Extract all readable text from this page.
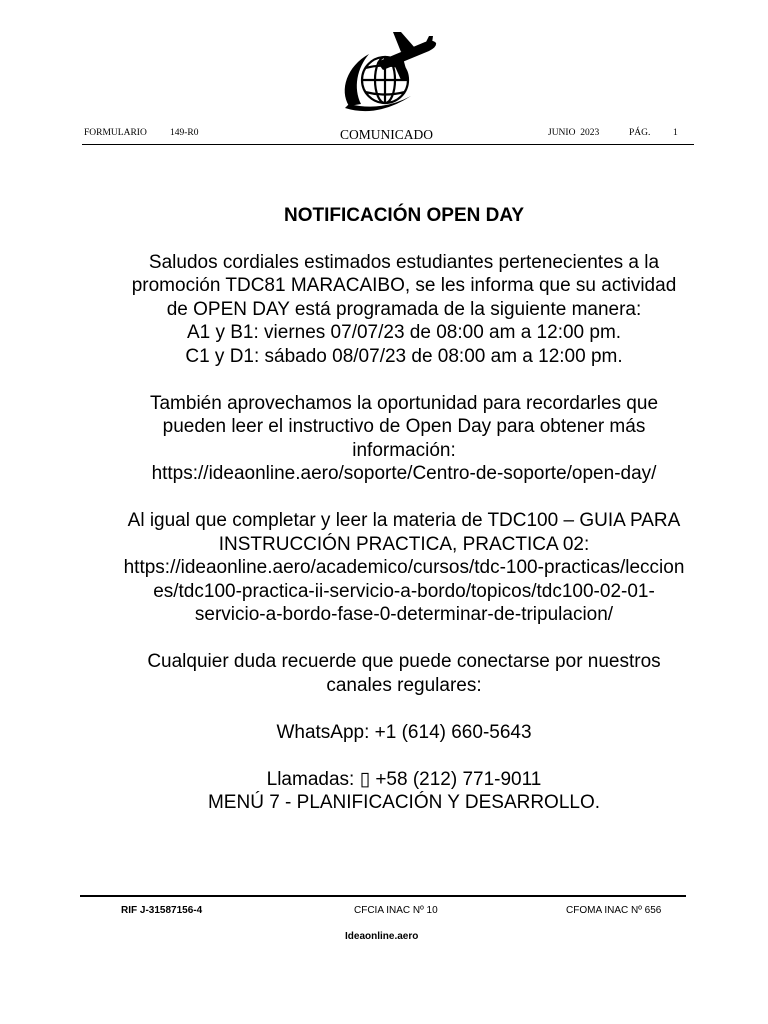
FORMULARIO 149-R0	COMUNICADO	JUNIO  2023	PÁG. 1
NOTIFICACIÓN OPEN DAY

Saludos cordiales estimados estudiantes pertenecientes a la
promoción TDC81 MARACAIBO, se les informa que su actividad
de OPEN DAY está programada de la siguiente manera:
A1 y B1: viernes 07/07/23 de 08:00 am a 12:00 pm.
C1 y D1: sábado 08/07/23 de 08:00 am a 12:00 pm.

También aprovechamos la oportunidad para recordarles que
pueden leer el instructivo de Open Day para obtener más
información:
https://ideaonline.aero/soporte/Centro-de-soporte/open-day/

Al igual que completar y leer la materia de TDC100 – GUIA PARA
INSTRUCCIÓN PRACTICA, PRACTICA 02:
https://ideaonline.aero/academico/cursos/tdc-100-practicas/leccion
es/tdc100-practica-ii-servicio-a-bordo/topicos/tdc100-02-01-
servicio-a-bordo-fase-0-determinar-de-tripulacion/

Cualquier duda recuerde que puede conectarse por nuestros
canales regulares:

WhatsApp: +1 (614) 660-5643

Llamadas: ▯ +58 (212) 771-9011
MENÚ 7 - PLANIFICACIÓN Y DESARROLLO.

RIF J-31587156-4	CFCIA INAC Nº 10	CFOMA INAC Nº 656
Ideaonline.aero
